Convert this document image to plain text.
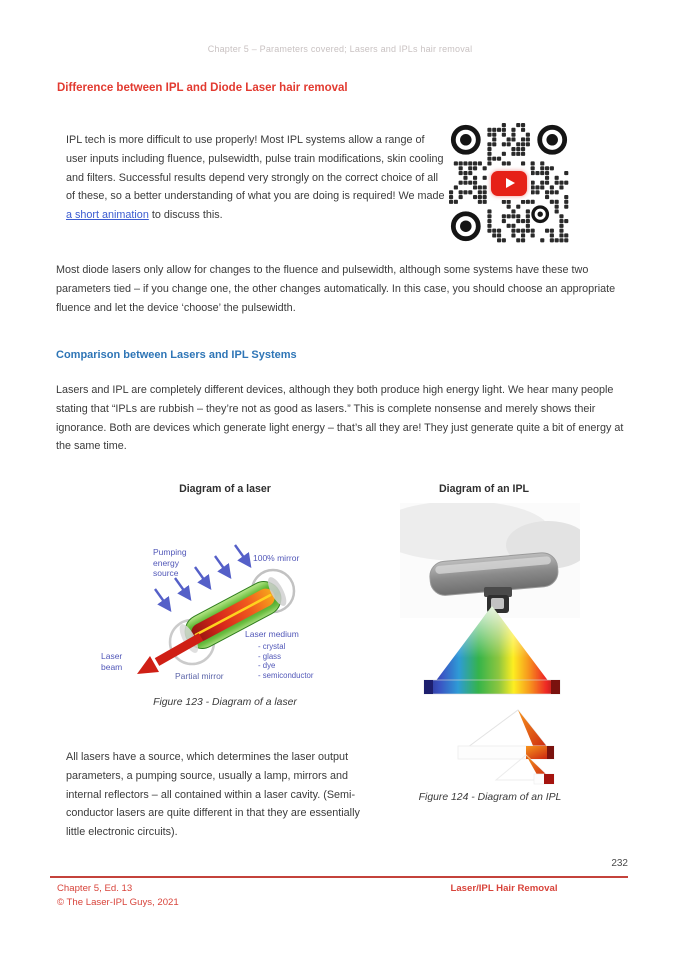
Chapter 5 – Parameters covered; Lasers and IPLs hair removal
Difference between IPL and Diode Laser hair removal

IPL tech is more difficult to use properly! Most IPL systems allow a range of user inputs including fluence, pulsewidth, pulse train modifications, skin cooling and filters. Successful results depend very strongly on the correct choice of all of these, so a better understanding of what you are doing is required! We made a short animation to discuss this.

Most diode lasers only allow for changes to the fluence and pulsewidth, although some systems have these two parameters tied – if you change one, the other changes automatically. In this case, you should choose an appropriate fluence and let the device ‘choose’ the pulsewidth.

Comparison between Lasers and IPL Systems

Lasers and IPL are completely different devices, although they both produce high energy light. We hear many people stating that “IPLs are rubbish – they’re not as good as lasers.” This is complete nonsense and merely shows their ignorance. Both are devices which generate light energy – that’s all they are! They just generate quite a bit of energy at the same time.

Diagram of a laser	Diagram of an IPL
Pumping energy source
100% mirror
Laser medium
- crystal
- glass
- dye
- semiconductor
Laser beam
Partial mirror
Figure 123 - Diagram of a laser

All lasers have a source, which determines the laser output parameters, a pumping source, usually a lamp, mirrors and internal reflectors – all contained within a laser cavity. (Semi-conductor lasers are quite different in that they are essentially little electronic circuits).

Figure 124 - Diagram of an IPL
232
Chapter 5, Ed. 13
© The Laser-IPL Guys, 2021
Laser/IPL Hair Removal
